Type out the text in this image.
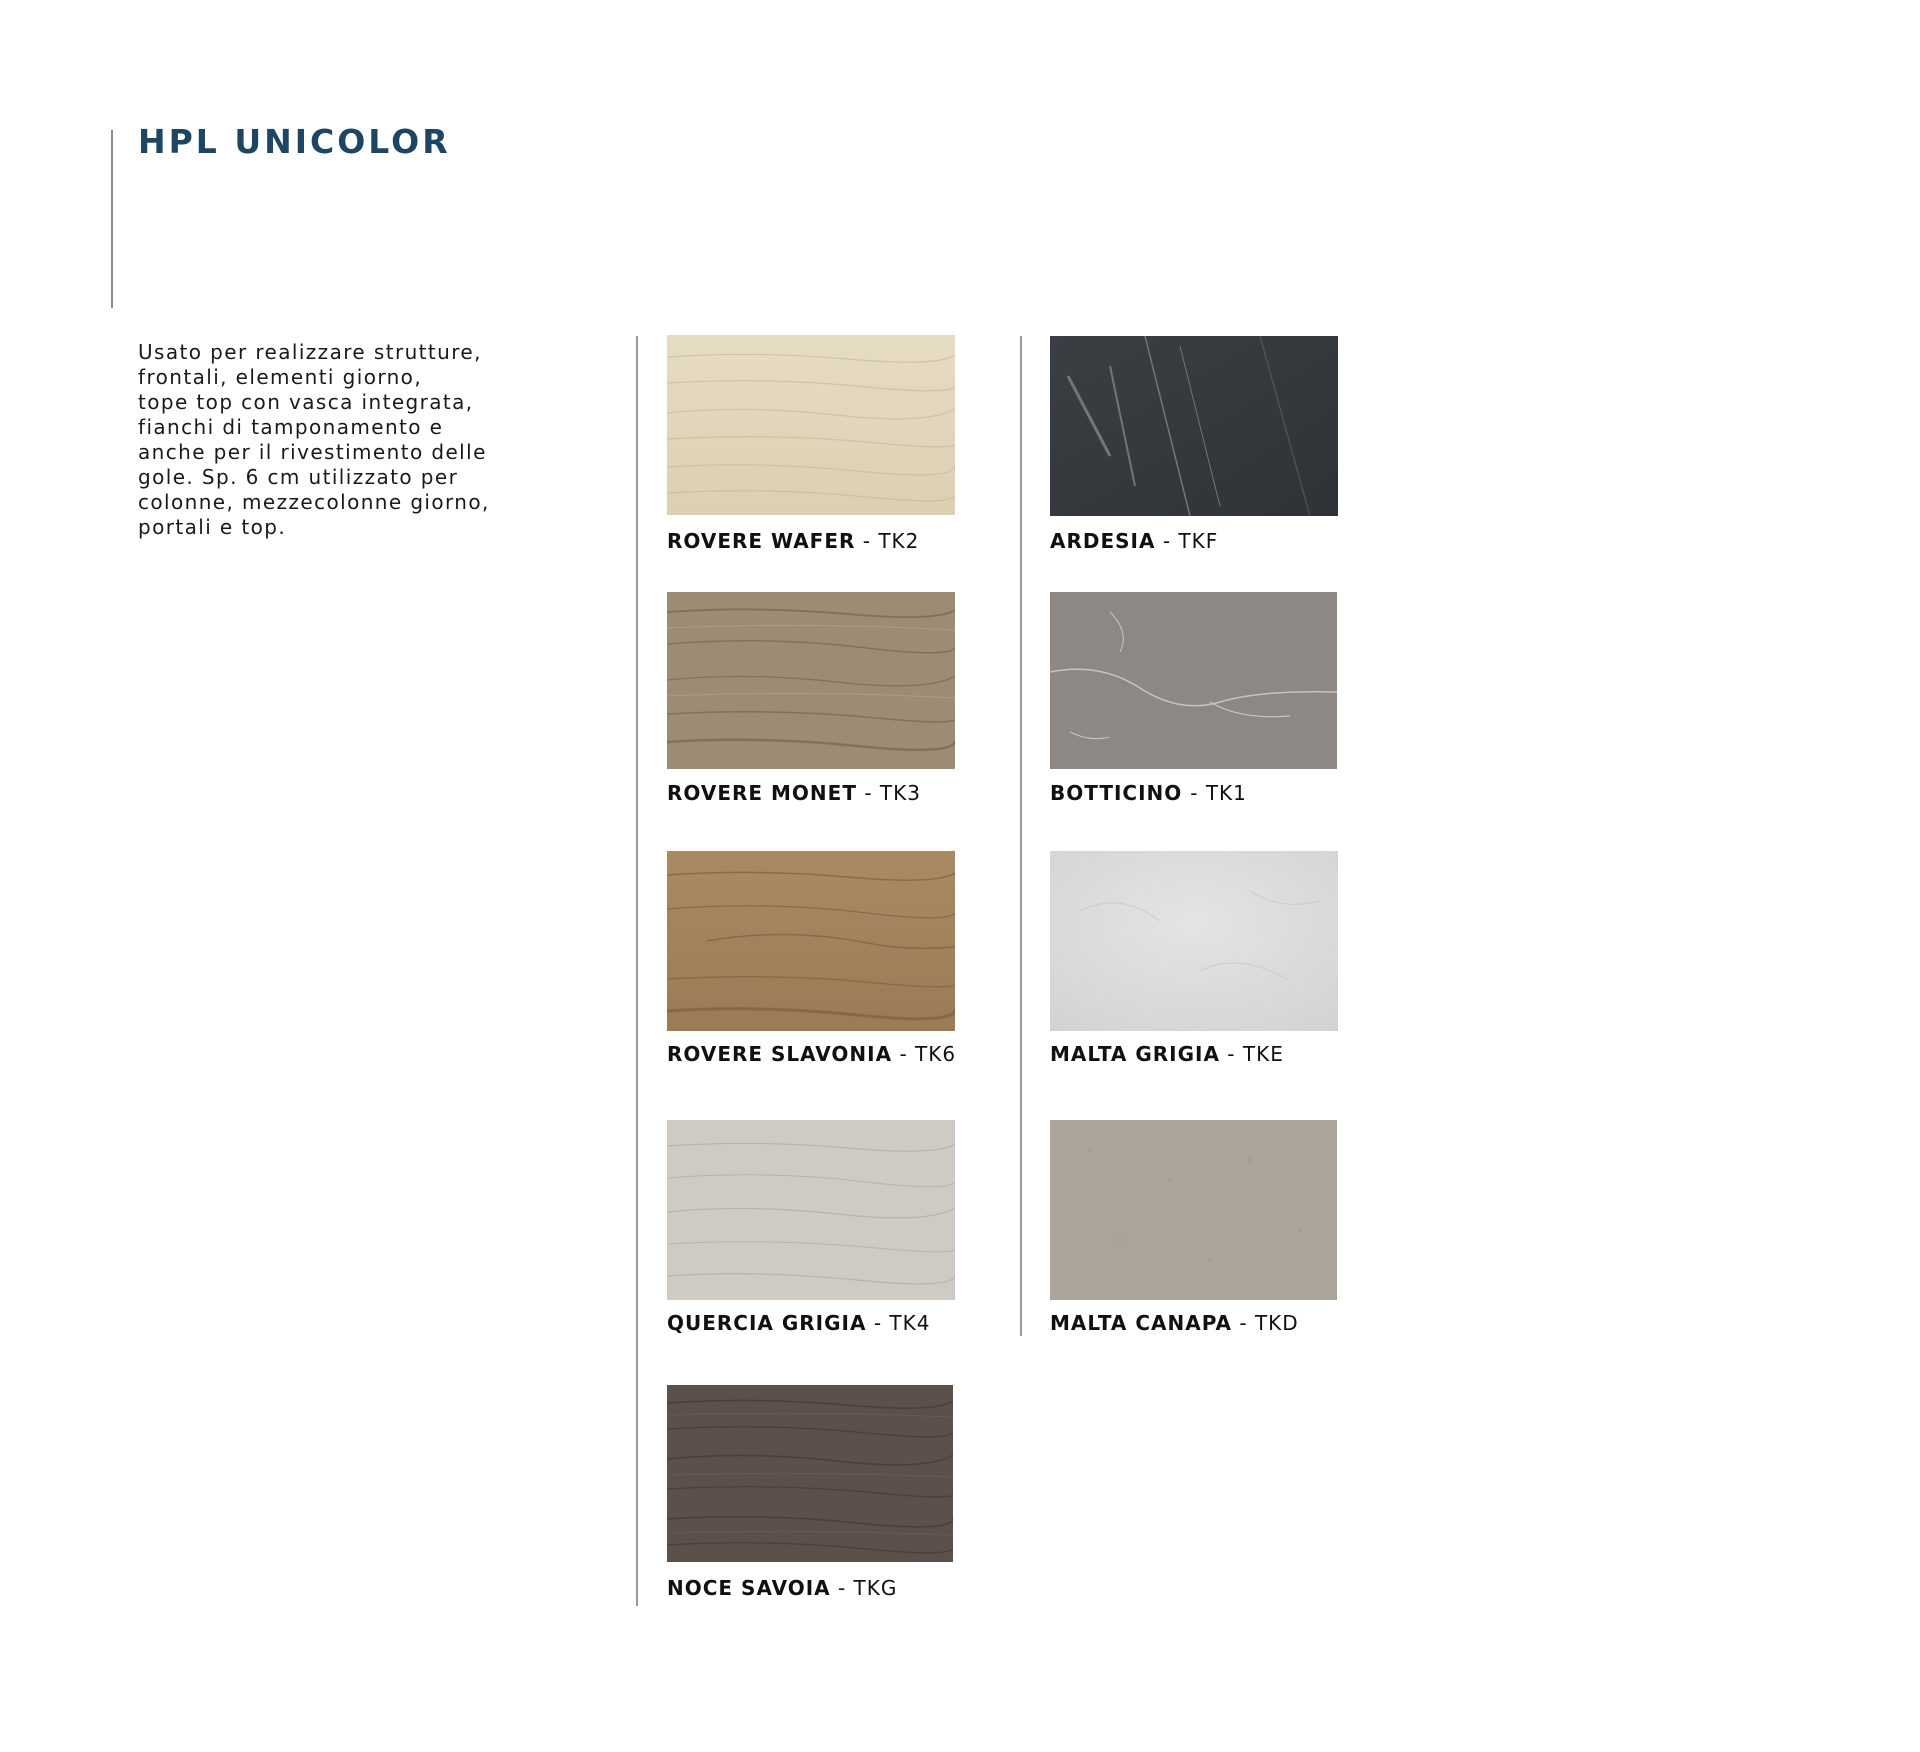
HPL UNICOLOR

Usato per realizzare strutture,
frontali, elementi giorno,
tope top con vasca integrata,
fianchi di tamponamento e
anche per il rivestimento delle
gole. Sp. 6 cm utilizzato per
colonne, mezzecolonne giorno,
portali e top.

ROVERE WAFER - TK2	ARDESIA - TKF
ROVERE MONET - TK3	BOTTICINO - TK1
ROVERE SLAVONIA - TK6	MALTA GRIGIA - TKE
QUERCIA GRIGIA - TK4	MALTA CANAPA - TKD
NOCE SAVOIA - TKG
